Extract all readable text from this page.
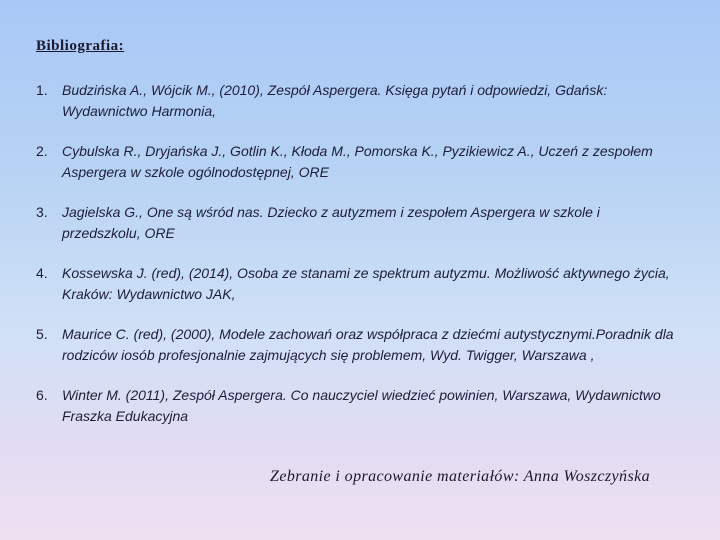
Bibliografia:
1. Budzińska A., Wójcik M., (2010), Zespół Aspergera. Księga pytań i odpowiedzi, Gdańsk: Wydawnictwo Harmonia,
2. Cybulska R., Dryjańska J., Gotlin K., Kłoda M., Pomorska K., Pyzikiewicz A., Uczeń z zespołem Aspergera w szkole ogólnodostępnej, ORE
3. Jagielska G., One są wśród nas. Dziecko z autyzmem i zespołem Aspergera w szkole i przedszkolu, ORE
4. Kossewska J. (red), (2014), Osoba ze stanami ze spektrum autyzmu. Możliwość aktywnego życia, Kraków: Wydawnictwo JAK,
5. Maurice C. (red), (2000), Modele zachowań oraz współpraca z dziećmi autystycznymi.Poradnik dla rodziców iosób profesjonalnie zajmujących się problemem, Wyd. Twigger, Warszawa ,
6. Winter M. (2011), Zespół Aspergera. Co nauczyciel wiedzieć powinien, Warszawa, Wydawnictwo Fraszka Edukacyjna

Zebranie i opracowanie materiałów: Anna Woszczyńska
